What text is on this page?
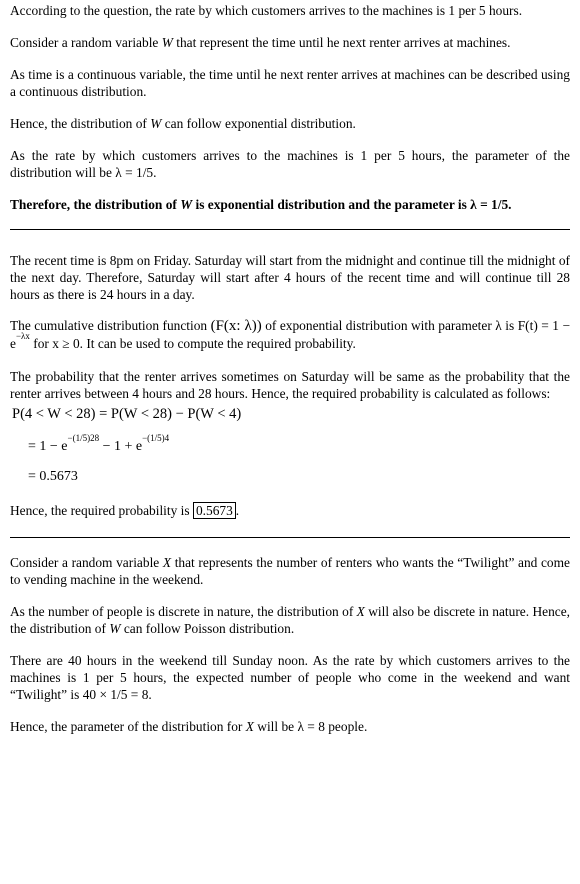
According to the question, the rate by which customers arrives to the machines is 1 per 5 hours.

Consider a random variable W that represent the time until he next renter arrives at machines.

As time is a continuous variable, the time until he next renter arrives at machines can be described using a continuous distribution.

Hence, the distribution of W can follow exponential distribution.

As the rate by which customers arrives to the machines is 1 per 5 hours, the parameter of the distribution will be λ = 1/5.

Therefore, the distribution of W is exponential distribution and the parameter is λ = 1/5.

The recent time is 8pm on Friday. Saturday will start from the midnight and continue till the midnight of the next day. Therefore, Saturday will start after 4 hours of the recent time and will continue till 28 hours as there is 24 hours in a day.

The cumulative distribution function (F(x: λ)) of exponential distribution with parameter λ is $F(t) = 1 - e^{-\lambda x}$ for x ≥ 0. It can be used to compute the required probability.

The probability that the renter arrives sometimes on Saturday will be same as the probability that the renter arrives between 4 hours and 28 hours. Hence, the required probability is calculated as follows:

P(4 < W < 28) = P(W < 28) − P(W < 4)
= $1 - e^{-(1/5)28} - 1 + e^{-(1/5)4}$
= 0.5673

Hence, the required probability is 0.5673 .

Consider a random variable X that represents the number of renters who wants the “Twilight” and come to vending machine in the weekend.

As the number of people is discrete in nature, the distribution of X will also be discrete in nature. Hence, the distribution of W can follow Poisson distribution.

There are 40 hours in the weekend till Sunday noon. As the rate by which customers arrives to the machines is 1 per 5 hours, the expected number of people who come in the weekend and want “Twilight” is 40 × 1/5 = 8.

Hence, the parameter of the distribution for X will be λ = 8 people.
